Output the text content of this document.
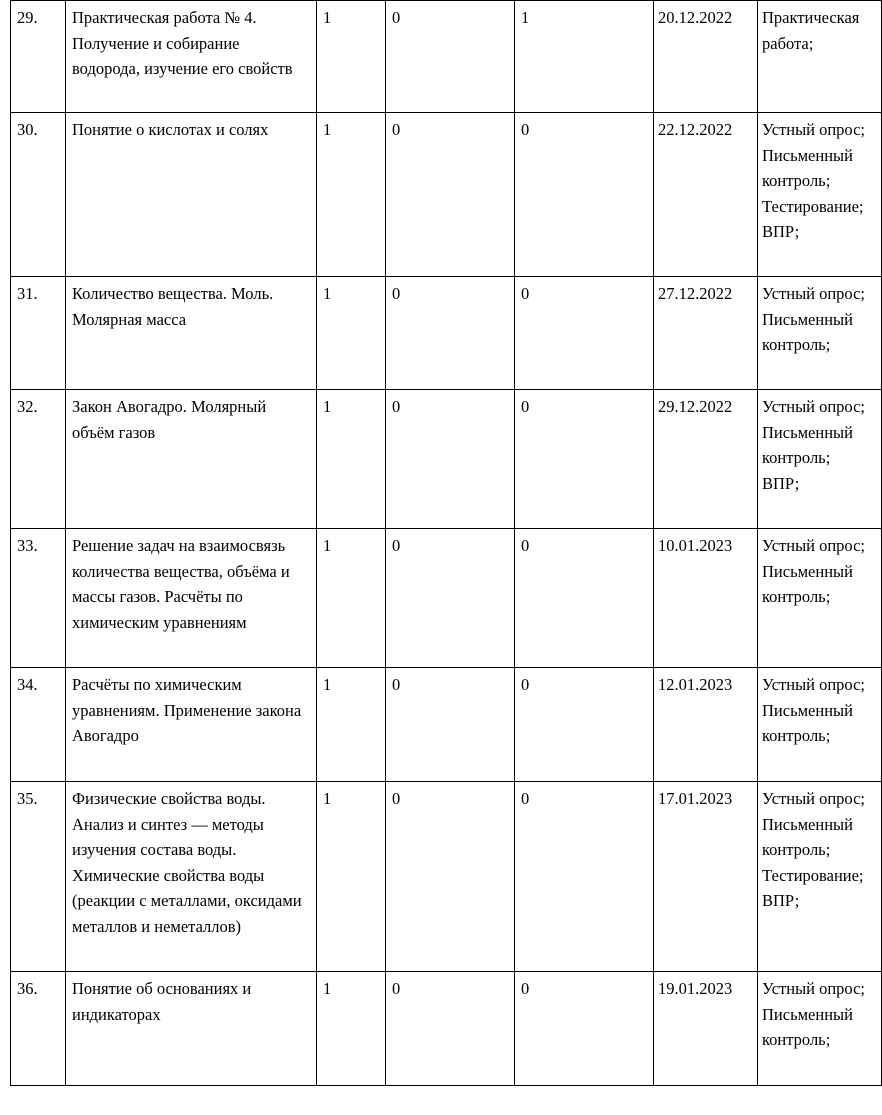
29.	Практическая работа № 4. Получение и собирание водорода, изучение его свойств	1	0	1	20.12.2022	Практическая работа;

30.	Понятие о кислотах и солях	1	0	0	22.12.2022	Устный опрос;
Письменный контроль;
Тестирование;
ВПР;

31.	Количество вещества. Моль. Молярная масса	1	0	0	27.12.2022	Устный опрос;
Письменный контроль;

32.	Закон Авогадро. Молярный объём газов	1	0	0	29.12.2022	Устный опрос;
Письменный контроль;
ВПР;

33.	Решение задач на взаимосвязь количества вещества, объёма и массы газов. Расчёты по химическим уравнениям	1	0	0	10.01.2023	Устный опрос;
Письменный контроль;

34.	Расчёты по химическим уравнениям. Применение закона Авогадро	1	0	0	12.01.2023	Устный опрос;
Письменный контроль;

35.	Физические свойства воды. Анализ и синтез — методы изучения состава воды. Химические свойства воды (реакции с металлами, оксидами металлов и неметаллов)	1	0	0	17.01.2023	Устный опрос;
Письменный контроль;
Тестирование;
ВПР;

36.	Понятие об основаниях и индикаторах	1	0	0	19.01.2023	Устный опрос;
Письменный контроль;
